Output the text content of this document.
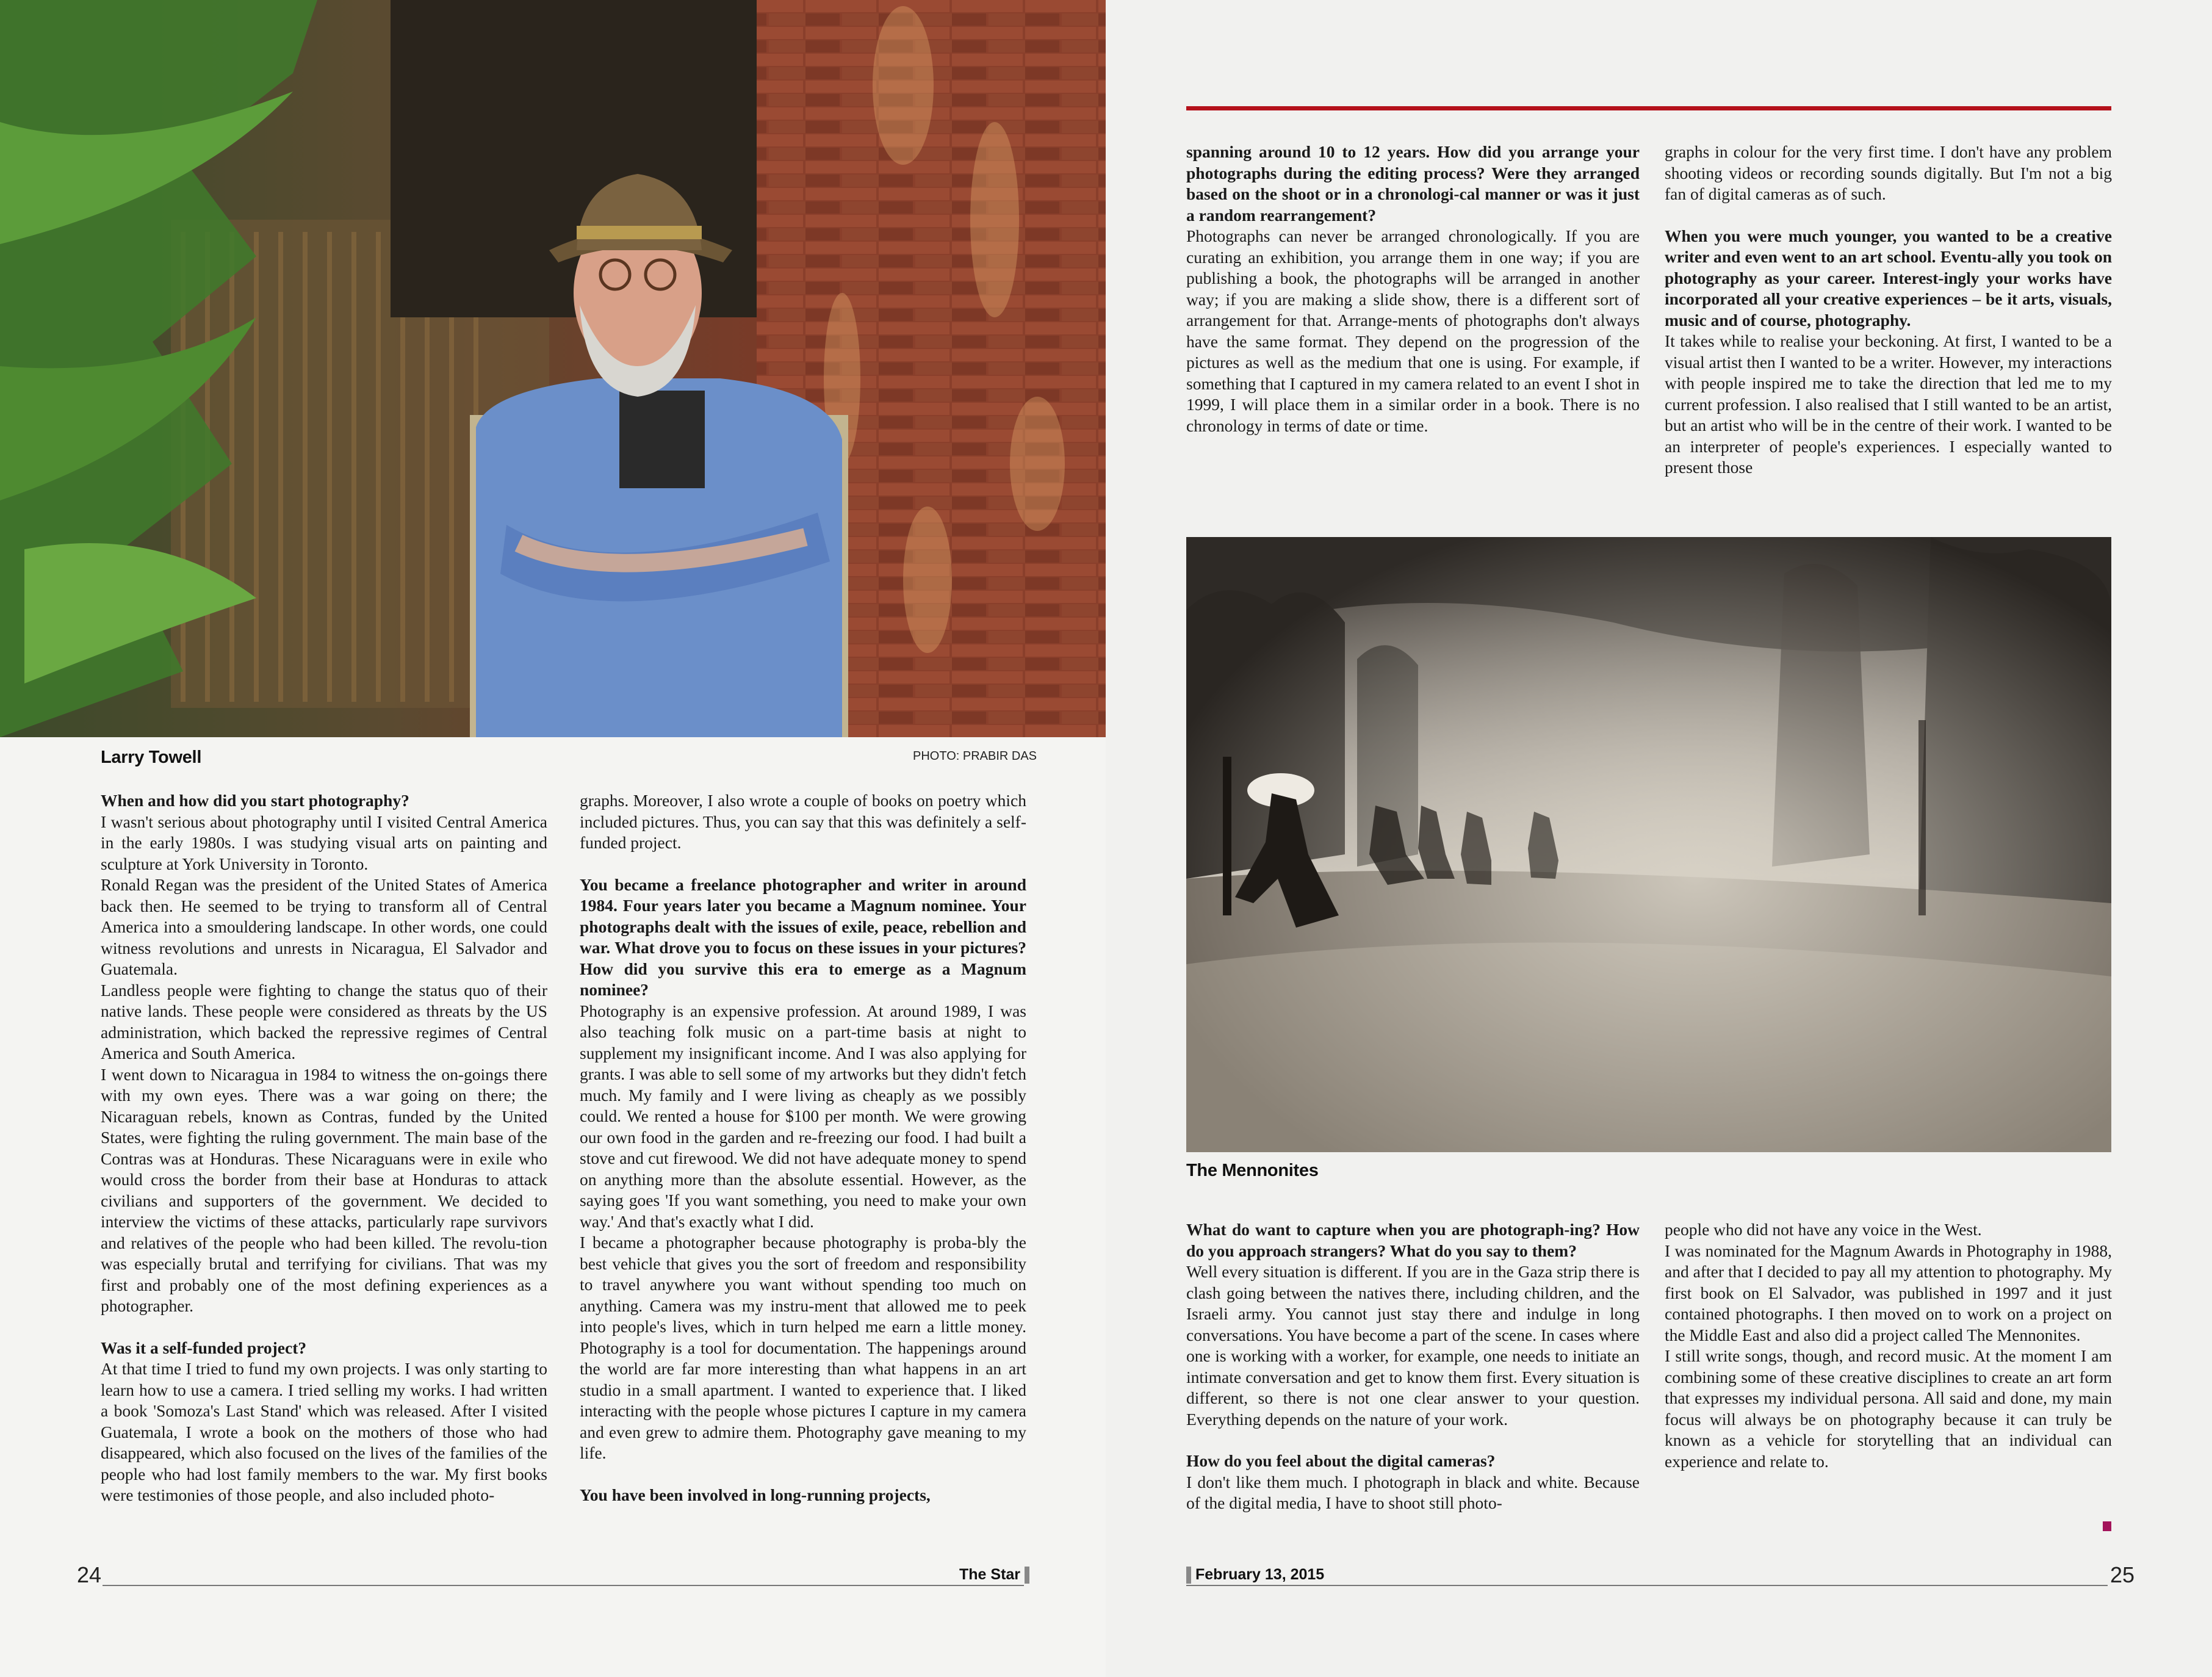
Larry Towell	PHOTO: PRABIR DAS

When and how did you start photography?

I wasn't serious about photography until I visited Central America in the early 1980s. I was studying visual arts on painting and sculpture at York University in Toronto.

Ronald Regan was the president of the United States of America back then. He seemed to be trying to transform all of Central America into a smouldering landscape. In other words, one could witness revolutions and unrests in Nicaragua, El Salvador and Guatemala.

Landless people were fighting to change the status quo of their native lands. These people were considered as threats by the US administration, which backed the repressive regimes of Central America and South America.

I went down to Nicaragua in 1984 to witness the on-goings there with my own eyes. There was a war going on there; the Nicaraguan rebels, known as Contras, funded by the United States, were fighting the ruling government. The main base of the Contras was at Honduras. These Nicaraguans were in exile who would cross the border from their base at Honduras to attack civilians and supporters of the government. We decided to interview the victims of these attacks, particularly rape survivors and relatives of the people who had been killed. The revolu-tion was especially brutal and terrifying for civilians. That was my first and probably one of the most defining experiences as a photographer.

Was it a self-funded project?

At that time I tried to fund my own projects. I was only starting to learn how to use a camera. I tried selling my works. I had written a book 'Somoza's Last Stand' which was released. After I visited Guatemala, I wrote a book on the mothers of those who had disappeared, which also focused on the lives of the families of the people who had lost family members to the war. My first books were testimonies of those people, and also included photo-

graphs. Moreover, I also wrote a couple of books on poetry which included pictures. Thus, you can say that this was definitely a self-funded project.

You became a freelance photographer and writer in around 1984. Four years later you became a Magnum nominee. Your photographs dealt with the issues of exile, peace, rebellion and war. What drove you to focus on these issues in your pictures? How did you survive this era to emerge as a Magnum nominee?

Photography is an expensive profession. At around 1989, I was also teaching folk music on a part-time basis at night to supplement my insignificant income. And I was also applying for grants. I was able to sell some of my artworks but they didn't fetch much. My family and I were living as cheaply as we possibly could. We rented a house for $100 per month. We were growing our own food in the garden and re-freezing our food. I had built a stove and cut firewood. We did not have adequate money to spend on anything more than the absolute essential. However, as the saying goes 'If you want something, you need to make your own way.' And that's exactly what I did.

I became a photographer because photography is proba-bly the best vehicle that gives you the sort of freedom and responsibility to travel anywhere you want without spending too much on anything. Camera was my instru-ment that allowed me to peek into people's lives, which in turn helped me earn a little money. Photography is a tool for documentation. The happenings around the world are far more interesting than what happens in an art studio in a small apartment. I wanted to experience that. I liked interacting with the people whose pictures I capture in my camera and even grew to admire them. Photography gave meaning to my life.

You have been involved in long-running projects,

24	The Star

spanning around 10 to 12 years. How did you arrange your photographs during the editing process? Were they arranged based on the shoot or in a chronologi-cal manner or was it just a random rearrangement?

Photographs can never be arranged chronologically. If you are curating an exhibition, you arrange them in one way; if you are publishing a book, the photographs will be arranged in another way; if you are making a slide show, there is a different sort of arrangement for that. Arrange-ments of photographs don't always have the same format. They depend on the progression of the pictures as well as the medium that one is using. For example, if something that I captured in my camera related to an event I shot in 1999, I will place them in a similar order in a book. There is no chronology in terms of date or time.

graphs in colour for the very first time. I don't have any problem shooting videos or recording sounds digitally. But I'm not a big fan of digital cameras as of such.

When you were much younger, you wanted to be a creative writer and even went to an art school. Eventu-ally you took on photography as your career. Interest-ingly your works have incorporated all your creative experiences – be it arts, visuals, music and of course, photography.

It takes while to realise your beckoning. At first, I wanted to be a visual artist then I wanted to be a writer. However, my interactions with people inspired me to take the direction that led me to my current profession. I also realised that I still wanted to be an artist, but an artist who will be in the centre of their work. I wanted to be an interpreter of people's experiences. I especially wanted to present those

The Mennonites

What do want to capture when you are photograph-ing? How do you approach strangers? What do you say to them?

Well every situation is different. If you are in the Gaza strip there is clash going between the natives there, including children, and the Israeli army. You cannot just stay there and indulge in long conversations. You have become a part of the scene. In cases where one is working with a worker, for example, one needs to initiate an intimate conversation and get to know them first. Every situation is different, so there is not one clear answer to your question. Everything depends on the nature of your work.

How do you feel about the digital cameras?

I don't like them much. I photograph in black and white. Because of the digital media, I have to shoot still photo-

people who did not have any voice in the West.

I was nominated for the Magnum Awards in Photography in 1988, and after that I decided to pay all my attention to photography. My first book on El Salvador, was published in 1997 and it just contained photographs. I then moved on to work on a project on the Middle East and also did a project called The Mennonites.

I still write songs, though, and record music. At the moment I am combining some of these creative disciplines to create an art form that expresses my individual persona. All said and done, my main focus will always be on photography because it can truly be known as a vehicle for storytelling that an individual can experience and relate to.

February 13, 2015	25
